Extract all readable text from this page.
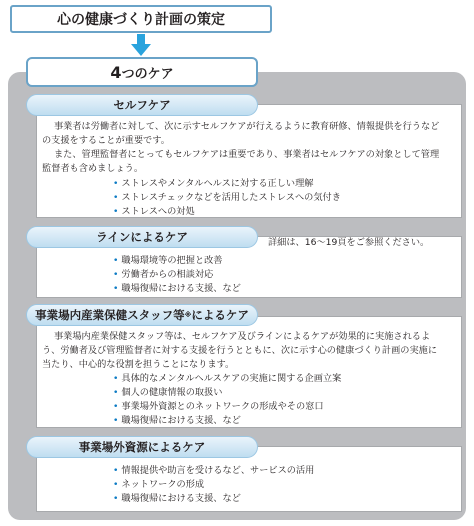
心の健康づくり計画の策定
4 つのケア
セルフケア
事業者は労働者に対して、次に示すセルフケアが行えるように教育研修、情報提供を行うなど
の支援をすることが重要です。
また、管理監督者にとってもセルフケアは重要であり、事業者はセルフケアの対象として管理
監督者も含めましょう。
• ストレスやメンタルヘルスに対する正しい理解
• ストレスチェックなどを活用したストレスへの気付き
• ストレスへの対処
ラインによるケア	詳細は、16～19頁をご参照ください。
• 職場環境等の把握と改善
• 労働者からの相談対応
• 職場復帰における支援、など
事業場内産業保健スタッフ等 ※ によるケア
事業場内産業保健スタッフ等は、セルフケア及びラインによるケアが効果的に実施されるよ
う、労働者及び管理監督者に対する支援を行うとともに、次に示す心の健康づくり計画の実施に
当たり、中心的な役割を担うことになります。
• 具体的なメンタルヘルスケアの実施に関する企画立案
• 個人の健康情報の取扱い
• 事業場外資源とのネットワークの形成やその窓口
• 職場復帰における支援、など
事業場外資源によるケア
• 情報提供や助言を受けるなど、サービスの活用
• ネットワークの形成
• 職場復帰における支援、など
